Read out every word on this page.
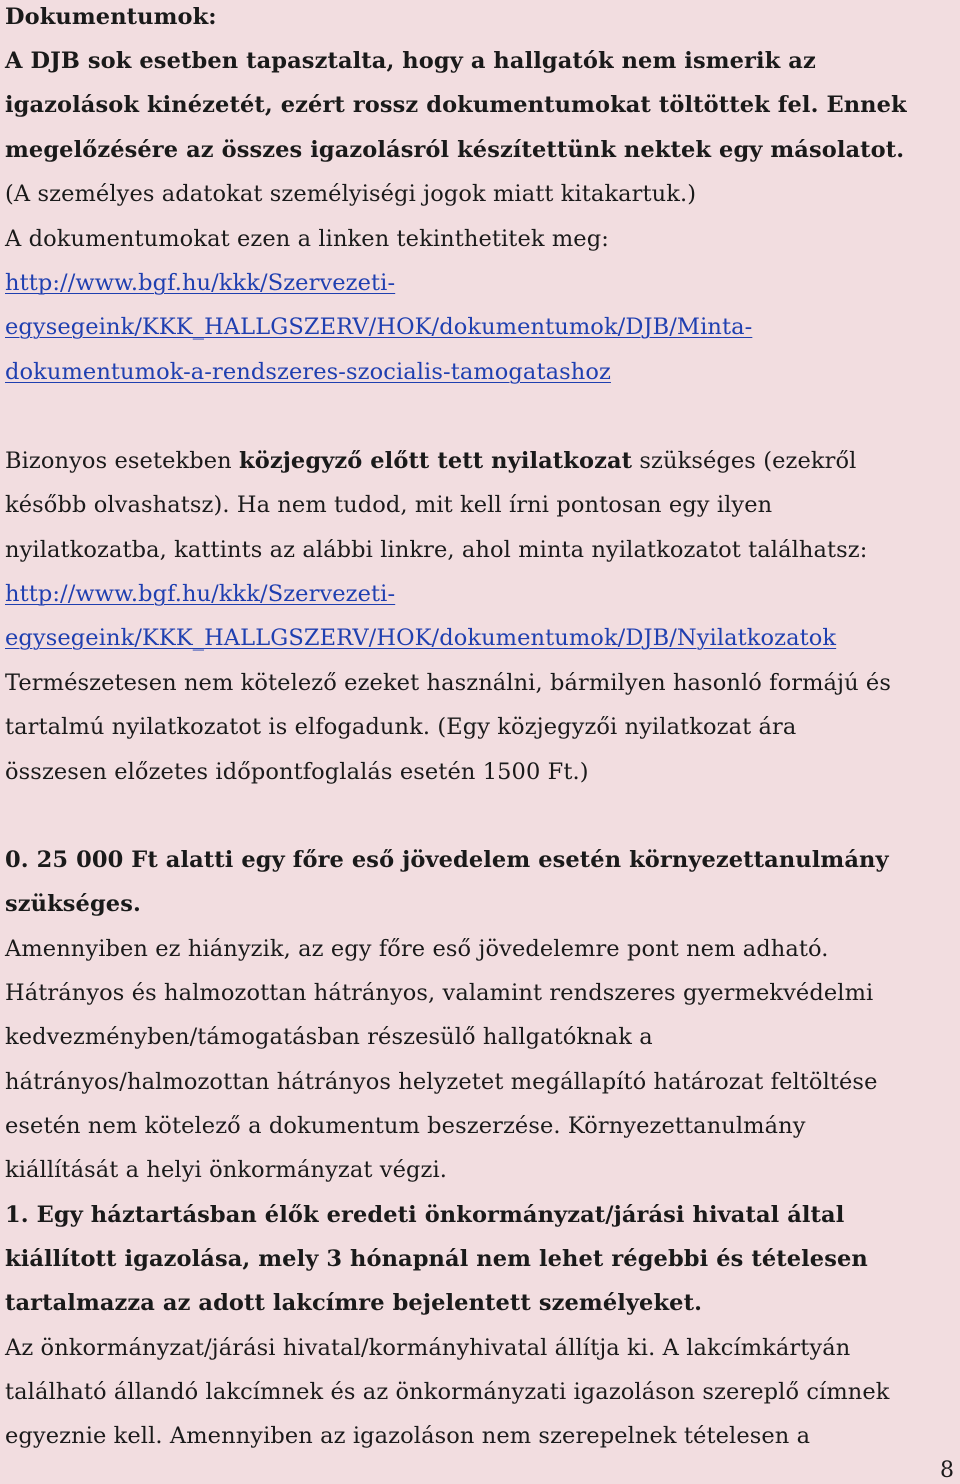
Dokumentumok:
A DJB sok esetben tapasztalta, hogy a hallgatók nem ismerik az
igazolások kinézetét, ezért rossz dokumentumokat töltöttek fel. Ennek
megelőzésére az összes igazolásról készítettünk nektek egy másolatot.
(A személyes adatokat személyiségi jogok miatt kitakartuk.)
A dokumentumokat ezen a linken tekinthetitek meg:
http://www.bgf.hu/kkk/Szervezeti-
egysegeink/KKK_HALLGSZERV/HOK/dokumentumok/DJB/Minta-
dokumentumok-a-rendszeres-szocialis-tamogatashoz
Bizonyos esetekben közjegyző előtt tett nyilatkozat szükséges (ezekről
később olvashatsz). Ha nem tudod, mit kell írni pontosan egy ilyen
nyilatkozatba, kattints az alábbi linkre, ahol minta nyilatkozatot találhatsz:
http://www.bgf.hu/kkk/Szervezeti-
egysegeink/KKK_HALLGSZERV/HOK/dokumentumok/DJB/Nyilatkozatok
Természetesen nem kötelező ezeket használni, bármilyen hasonló formájú és
tartalmú nyilatkozatot is elfogadunk. (Egy közjegyzői nyilatkozat ára
összesen előzetes időpontfoglalás esetén 1500 Ft.)
0. 25 000 Ft alatti egy főre eső jövedelem esetén környezettanulmány
szükséges.
Amennyiben ez hiányzik, az egy főre eső jövedelemre pont nem adható.
Hátrányos és halmozottan hátrányos, valamint rendszeres gyermekvédelmi
kedvezményben/támogatásban részesülő hallgatóknak a
hátrányos/halmozottan hátrányos helyzetet megállapító határozat feltöltése
esetén nem kötelező a dokumentum beszerzése. Környezettanulmány
kiállítását a helyi önkormányzat végzi.
1. Egy háztartásban élők eredeti önkormányzat/járási hivatal által
kiállított igazolása, mely 3 hónapnál nem lehet régebbi és tételesen
tartalmazza az adott lakcímre bejelentett személyeket.
Az önkormányzat/járási hivatal/kormányhivatal állítja ki. A lakcímkártyán
található állandó lakcímnek és az önkormányzati igazoláson szereplő címnek
egyeznie kell. Amennyiben az igazoláson nem szerepelnek tételesen a
8
